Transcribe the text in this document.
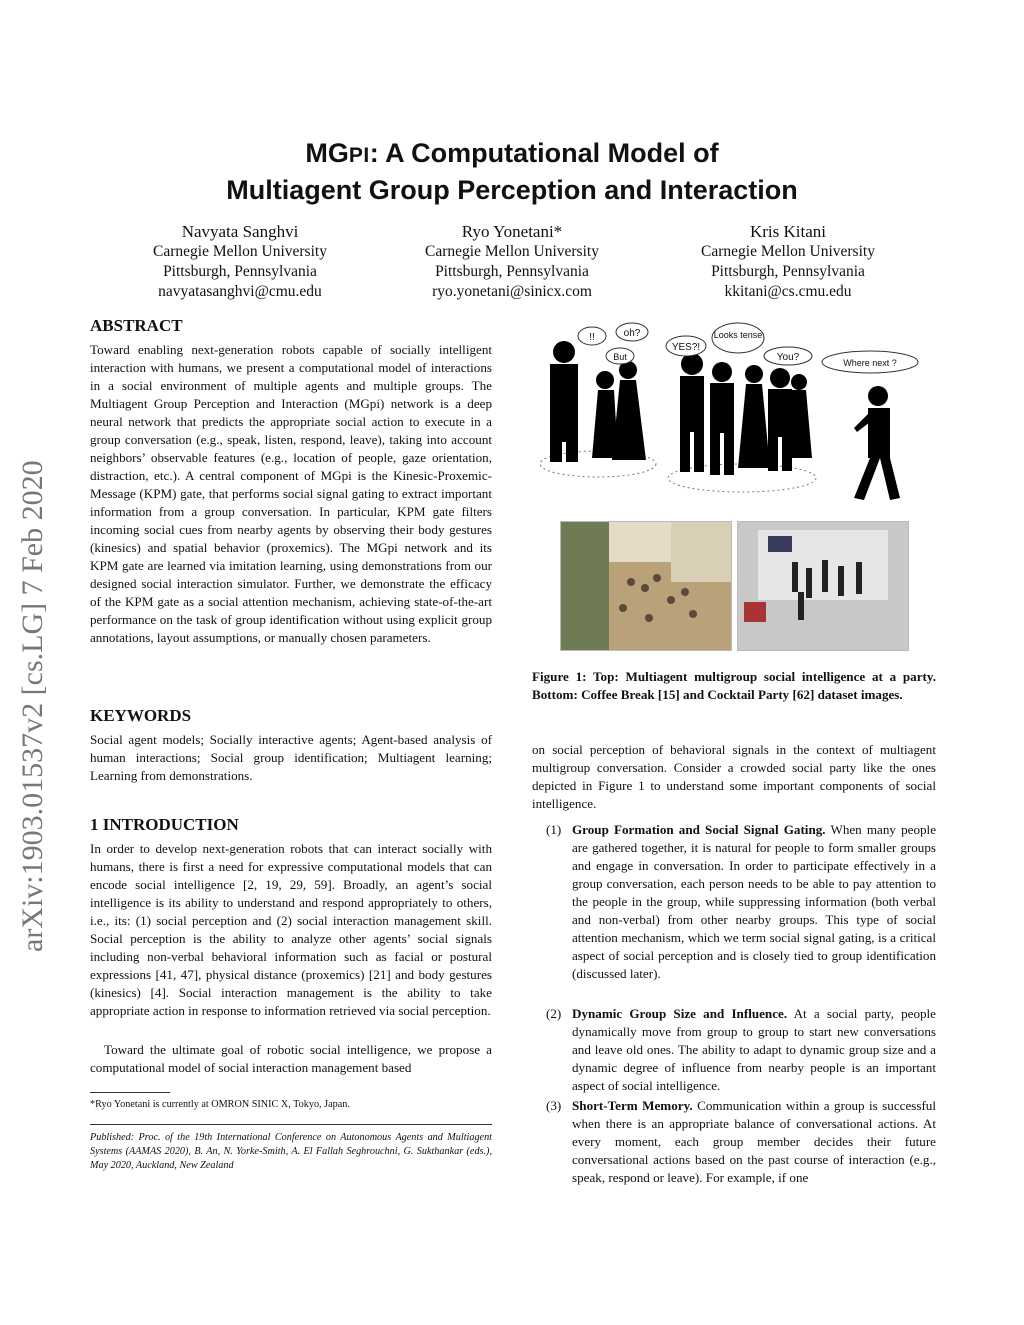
MGPI: A Computational Model of
Multiagent Group Perception and Interaction
Navyata Sanghvi
Carnegie Mellon University
Pittsburgh, Pennsylvania
navyatasanghvi@cmu.edu
Ryo Yonetani*
Carnegie Mellon University
Pittsburgh, Pennsylvania
ryo.yonetani@sinicx.com
Kris Kitani
Carnegie Mellon University
Pittsburgh, Pennsylvania
kkitani@cs.cmu.edu
arXiv:1903.01537v2 [cs.LG] 7 Feb 2020
ABSTRACT
Toward enabling next-generation robots capable of socially intelligent interaction with humans, we present a computational model of interactions in a social environment of multiple agents and multiple groups. The Multiagent Group Perception and Interaction (MGpi) network is a deep neural network that predicts the appropriate social action to execute in a group conversation (e.g., speak, listen, respond, leave), taking into account neighbors’ observable features (e.g., location of people, gaze orientation, distraction, etc.). A central component of MGpi is the Kinesic-Proxemic-Message (KPM) gate, that performs social signal gating to extract important information from a group conversation. In particular, KPM gate filters incoming social cues from nearby agents by observing their body gestures (kinesics) and spatial behavior (proxemics). The MGpi network and its KPM gate are learned via imitation learning, using demonstrations from our designed social interaction simulator. Further, we demonstrate the efficacy of the KPM gate as a social attention mechanism, achieving state-of-the-art performance on the task of group identification without using explicit group annotations, layout assumptions, or manually chosen parameters.
KEYWORDS
Social agent models; Socially interactive agents; Agent-based analysis of human interactions; Social group identification; Multiagent learning; Learning from demonstrations.
1 INTRODUCTION
In order to develop next-generation robots that can interact socially with humans, there is first a need for expressive computational models that can encode social intelligence [2, 19, 29, 59]. Broadly, an agent’s social intelligence is its ability to understand and respond appropriately to others, i.e., its: (1) social perception and (2) social interaction management skill. Social perception is the ability to analyze other agents’ social signals including non-verbal behavioral information such as facial or postural expressions [41, 47], physical distance (proxemics) [21] and body gestures (kinesics) [4]. Social interaction management is the ability to take appropriate action in response to information retrieved via social perception.
Toward the ultimate goal of robotic social intelligence, we propose a computational model of social interaction management based
*Ryo Yonetani is currently at OMRON SINIC X, Tokyo, Japan.
Published: Proc. of the 19th International Conference on Autonomous Agents and Multiagent Systems (AAMAS 2020), B. An, N. Yorke-Smith, A. El Fallah Seghrouchni, G. Sukthankar (eds.), May 2020, Auckland, New Zealand
!!	oh?
But
YES?!
Looks tense
You?	Where next ?
Figure 1: Top: Multiagent multigroup social intelligence at a party. Bottom: Coffee Break [15] and Cocktail Party [62] dataset images.
on social perception of behavioral signals in the context of multiagent multigroup conversation. Consider a crowded social party like the ones depicted in Figure 1 to understand some important components of social intelligence.
(1) Group Formation and Social Signal Gating. When many people are gathered together, it is natural for people to form smaller groups and engage in conversation. In order to participate effectively in a group conversation, each person needs to be able to pay attention to the people in the group, while suppressing information (both verbal and non-verbal) from other nearby groups. This type of social attention mechanism, which we term social signal gating, is a critical aspect of social perception and is closely tied to group identification (discussed later).
(2) Dynamic Group Size and Influence. At a social party, people dynamically move from group to group to start new conversations and leave old ones. The ability to adapt to dynamic group size and a dynamic degree of influence from nearby people is an important aspect of social intelligence.
(3) Short-Term Memory. Communication within a group is successful when there is an appropriate balance of conversational actions. At every moment, each group member decides their future conversational actions based on the past course of interaction (e.g., speak, respond or leave). For example, if one
